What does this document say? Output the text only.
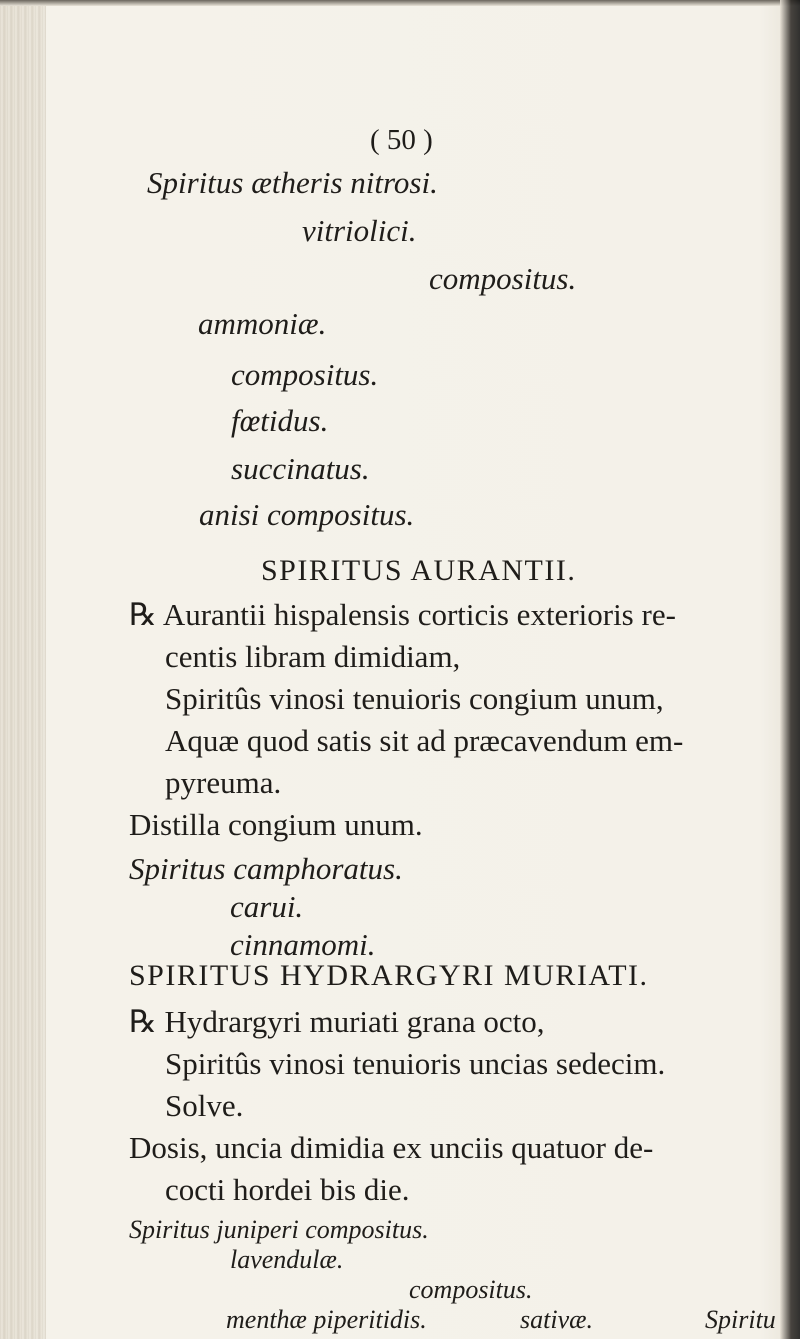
( 50 )
Spiritus ætheris nitrosi.
vitriolici.
compositus.
ammoniæ.
compositus.
fœtidus.
succinatus.
anisi compositus.
SPIRITUS AURANTII.
℞ Aurantii hispalensis corticis exterioris re-
centis libram dimidiam,
Spiritûs vinosi tenuioris congium unum,
Aquæ quod satis sit ad præcavendum em-
pyreuma.
Distilla congium unum.
Spiritus camphoratus.
carui.
cinnamomi.
SPIRITUS HYDRARGYRI MURIATI.
℞ Hydrargyri muriati grana octo,
Spiritûs vinosi tenuioris uncias sedecim.
Solve.
Dosis, uncia dimidia ex unciis quatuor de-
cocti hordei bis die.
Spiritus juniperi compositus.
lavendulæ.
compositus.
menthæ piperitidis.	sativæ.	Spiritu
